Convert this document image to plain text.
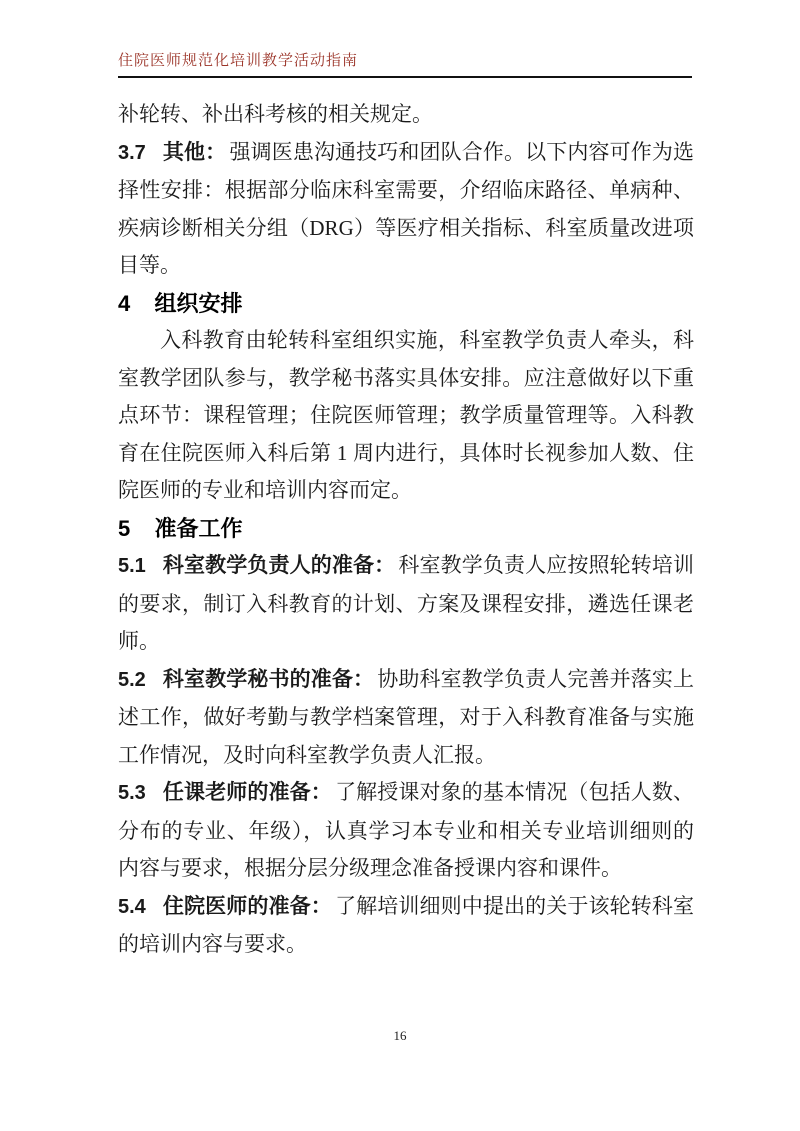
住院医师规范化培训教学活动指南

补轮转、补出科考核的相关规定。

3.7 其他： 强调医患沟通技巧和团队合作。以下内容可作为选择性安排：根据部分临床科室需要，介绍临床路径、单病种、疾病诊断相关分组（DRG）等医疗相关指标、科室质量改进项目等。

4 组织安排

入科教育由轮转科室组织实施，科室教学负责人牵头，科室教学团队参与，教学秘书落实具体安排。应注意做好以下重点环节：课程管理；住院医师管理；教学质量管理等。入科教育在住院医师入科后第 1 周内进行，具体时长视参加人数、住院医师的专业和培训内容而定。

5 准备工作

5.1 科室教学负责人的准备： 科室教学负责人应按照轮转培训的要求，制订入科教育的计划、方案及课程安排，遴选任课老师。

5.2 科室教学秘书的准备： 协助科室教学负责人完善并落实上述工作，做好考勤与教学档案管理，对于入科教育准备与实施工作情况，及时向科室教学负责人汇报。

5.3 任课老师的准备： 了解授课对象的基本情况（包括人数、分布的专业、年级），认真学习本专业和相关专业培训细则的内容与要求，根据分层分级理念准备授课内容和课件。

5.4 住院医师的准备： 了解培训细则中提出的关于该轮转科室的培训内容与要求。

16
